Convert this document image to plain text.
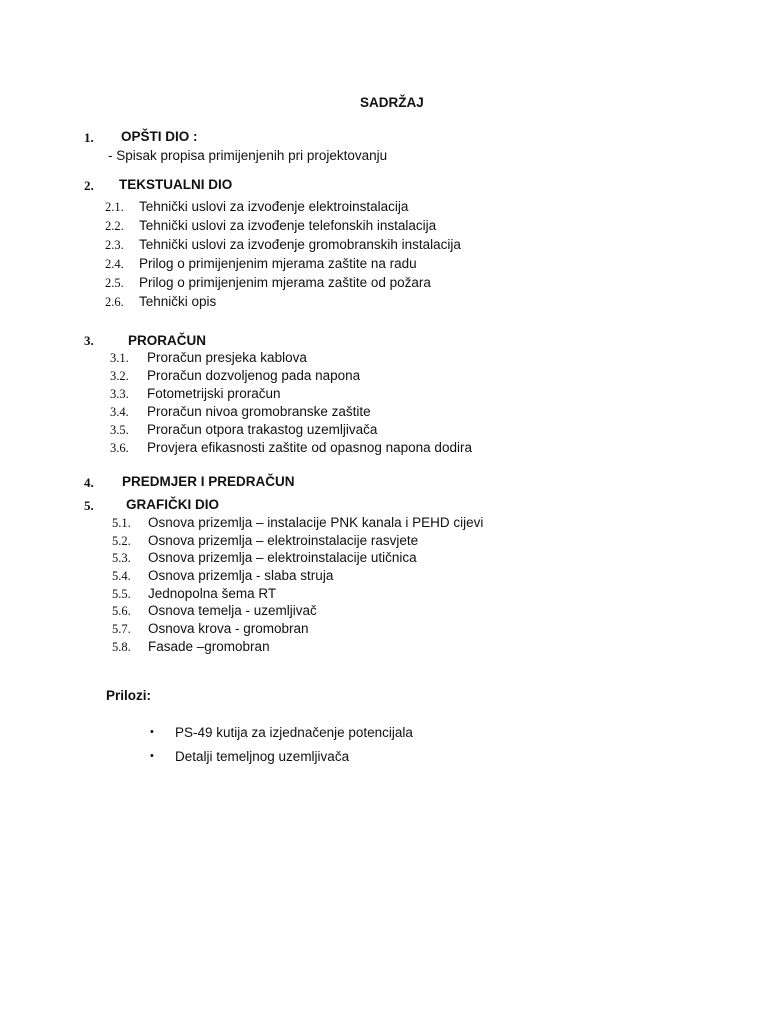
SADRŽAJ
1. OPŠTI DIO :
- Spisak propisa primijenjenih pri projektovanju
2. TEKSTUALNI DIO
2.1. Tehnički uslovi za izvođenje elektroinstalacija
2.2. Tehnički uslovi za izvođenje telefonskih instalacija
2.3. Tehnički uslovi za izvođenje gromobranskih instalacija
2.4. Prilog o primijenjenim mjerama zaštite na radu
2.5. Prilog o primijenjenim mjerama zaštite od požara
2.6. Tehnički opis
3.	PRORAČUN
3.1. Proračun presjeka kablova
3.2. Proračun dozvoljenog pada napona
3.3. Fotometrijski proračun
3.4. Proračun nivoa gromobranske zaštite
3.5. Proračun otpora trakastog uzemljivača
3.6. Provjera efikasnosti zaštite od opasnog napona dodira
4. PREDMJER I PREDRAČUN
5. GRAFIČKI DIO
5.1. Osnova prizemlja – instalacije PNK kanala i PEHD cijevi
5.2. Osnova prizemlja – elektroinstalacije rasvjete
5.3. Osnova prizemlja – elektroinstalacije utičnica
5.4. Osnova prizemlja - slaba struja
5.5. Jednopolna šema RT
5.6. Osnova temelja - uzemljivač
5.7. Osnova krova - gromobran
5.8. Fasade –gromobran
Prilozi:
• PS-49 kutija za izjednačenje potencijala
• Detalji temeljnog uzemljivača
